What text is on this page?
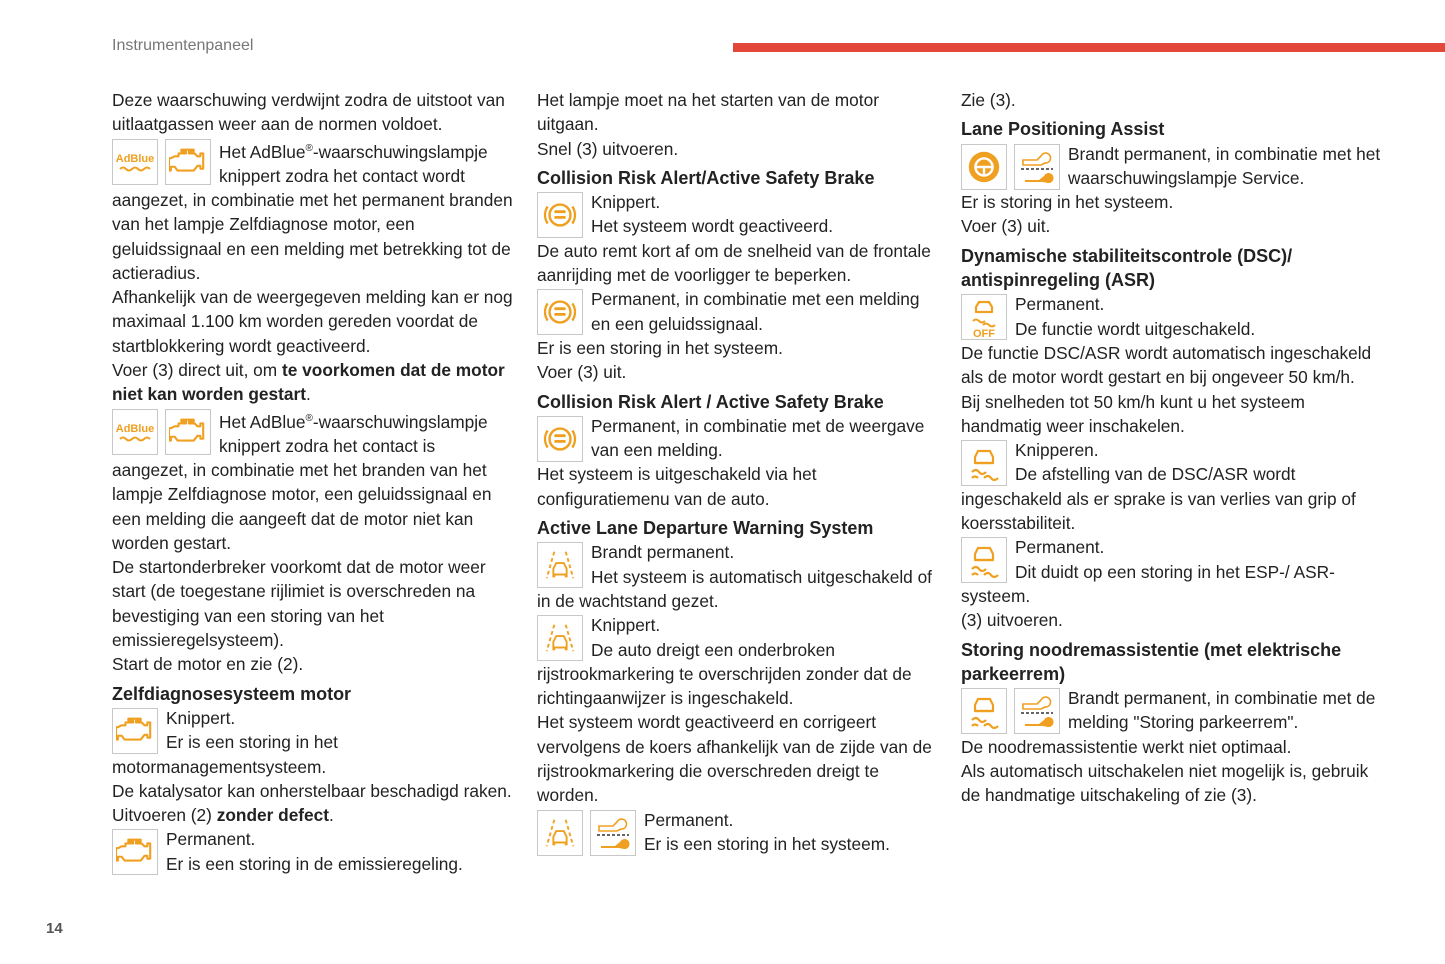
Instrumentenpaneel
14

Deze waarschuwing verdwijnt zodra de uitstoot van uitlaatgassen weer aan de normen voldoet.

AdBlue	Het AdBlue®-waarschuwingslampje knippert zodra het contact wordt aangezet, in combinatie met het permanent branden van het lampje Zelfdiagnose motor, een geluidssignaal en een melding met betrekking tot de actieradius.

Afhankelijk van de weergegeven melding kan er nog maximaal 1.100 km worden gereden voordat de startblokkering wordt geactiveerd.

Voer (3) direct uit, om te voorkomen dat de motor niet kan worden gestart.

AdBlue	Het AdBlue®-waarschuwingslampje knippert zodra het contact is aangezet, in combinatie met het branden van het lampje Zelfdiagnose motor, een geluidssignaal en een melding die aangeeft dat de motor niet kan worden gestart.

De startonderbreker voorkomt dat de motor weer start (de toegestane rijlimiet is overschreden na bevestiging van een storing van het emissieregelsysteem).

Start de motor en zie (2).

Zelfdiagnosesysteem motor

Knippert.

Er is een storing in het motormanagementsysteem.

De katalysator kan onherstelbaar beschadigd raken.

Uitvoeren (2) zonder defect.

Permanent.

Er is een storing in de emissieregeling.

Het lampje moet na het starten van de motor uitgaan.

Snel (3) uitvoeren.

Collision Risk Alert/Active Safety Brake

Knippert.

Het systeem wordt geactiveerd.

De auto remt kort af om de snelheid van de frontale aanrijding met de voorligger te beperken.

Permanent, in combinatie met een melding en een geluidssignaal.

Er is een storing in het systeem.

Voer (3) uit.

Collision Risk Alert / Active Safety Brake

Permanent, in combinatie met de weergave van een melding.

Het systeem is uitgeschakeld via het configuratiemenu van de auto.

Active Lane Departure Warning System

Brandt permanent.

Het systeem is automatisch uitgeschakeld of in de wachtstand gezet.

Knippert.

De auto dreigt een onderbroken rijstrookmarkering te overschrijden zonder dat de richtingaanwijzer is ingeschakeld.

Het systeem wordt geactiveerd en corrigeert vervolgens de koers afhankelijk van de zijde van de rijstrookmarkering die overschreden dreigt te worden.

Permanent.

Er is een storing in het systeem.

Zie (3).

Lane Positioning Assist

Brandt permanent, in combinatie met het waarschuwingslampje Service.

Er is storing in het systeem.

Voer (3) uit.

Dynamische stabiliteitscontrole (DSC)/ antispinregeling (ASR)
OFF

Permanent.

De functie wordt uitgeschakeld.

De functie DSC/ASR wordt automatisch ingeschakeld als de motor wordt gestart en bij ongeveer 50 km/h.

Bij snelheden tot 50 km/h kunt u het systeem handmatig weer inschakelen.

Knipperen.

De afstelling van de DSC/ASR wordt ingeschakeld als er sprake is van verlies van grip of koersstabiliteit.

Permanent.

Dit duidt op een storing in het ESP-/ ASR-systeem.

(3) uitvoeren.

Storing noodremassistentie (met elektrische parkeerrem)

Brandt permanent, in combinatie met de melding "Storing parkeerrem".

De noodremassistentie werkt niet optimaal.

Als automatisch uitschakelen niet mogelijk is, gebruik de handmatige uitschakeling of zie (3).
